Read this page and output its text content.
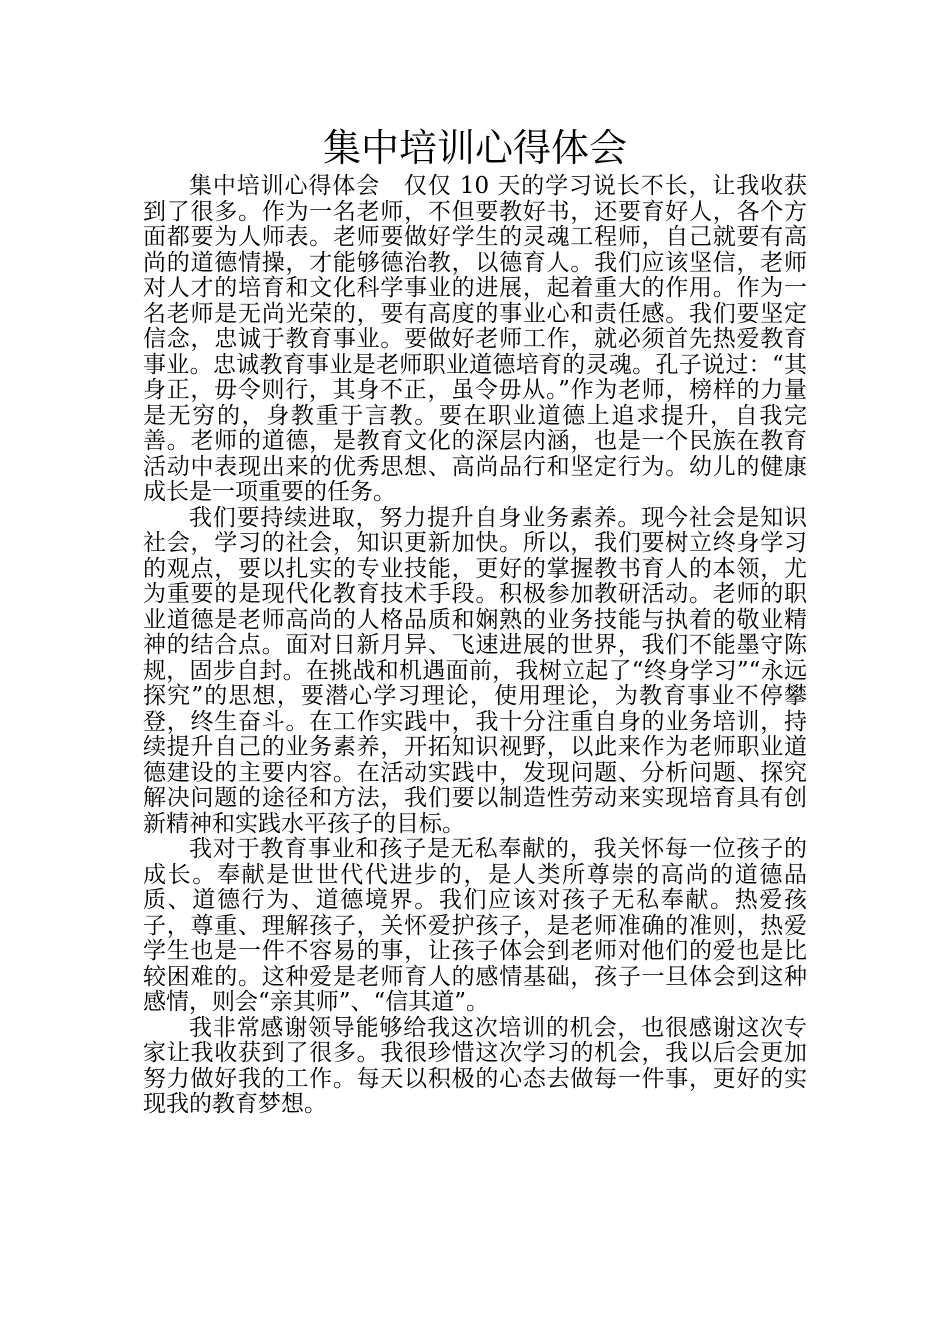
集中培训心得体会

集中培训心得体会　仅仅 10 天的学习说长不长，让我收获到了很多。作为一名老师，不但要教好书，还要育好人，各个方面都要为人师表。老师要做好学生的灵魂工程师，自己就要有高尚的道德情操，才能够德治教，以德育人。我们应该坚信，老师对人才的培育和文化科学事业的进展，起着重大的作用。作为一名老师是无尚光荣的，要有高度的事业心和责任感。我们要坚定信念，忠诚于教育事业。要做好老师工作，就必须首先热爱教育事业。忠诚教育事业是老师职业道德培育的灵魂。孔子说过：“其身正，毋令则行，其身不正，虽令毋从。”作为老师，榜样的力量是无穷的，身教重于言教。要在职业道德上追求提升，自我完善。老师的道德，是教育文化的深层内涵，也是一个民族在教育活动中表现出来的优秀思想、高尚品行和坚定行为。幼儿的健康成长是一项重要的任务。

我们要持续进取，努力提升自身业务素养。现今社会是知识社会，学习的社会，知识更新加快。所以，我们要树立终身学习的观点，要以扎实的专业技能，更好的掌握教书育人的本领，尤为重要的是现代化教育技术手段。积极参加教研活动。老师的职业道德是老师高尚的人格品质和娴熟的业务技能与执着的敬业精神的结合点。面对日新月异、飞速进展的世界，我们不能墨守陈规，固步自封。在挑战和机遇面前，我树立起了“终身学习”“永远探究”的思想，要潜心学习理论，使用理论，为教育事业不停攀登，终生奋斗。在工作实践中，我十分注重自身的业务培训，持续提升自己的业务素养，开拓知识视野，以此来作为老师职业道德建设的主要内容。在活动实践中，发现问题、分析问题、探究解决问题的途径和方法，我们要以制造性劳动来实现培育具有创新精神和实践水平孩子的目标。

我对于教育事业和孩子是无私奉献的，我关怀每一位孩子的成长。奉献是世世代代进步的，是人类所尊崇的高尚的道德品质、道德行为、道德境界。我们应该对孩子无私奉献。热爱孩子，尊重、理解孩子，关怀爱护孩子，是老师准确的准则，热爱学生也是一件不容易的事，让孩子体会到老师对他们的爱也是比较困难的。这种爱是老师育人的感情基础，孩子一旦体会到这种感情，则会“亲其师”、“信其道”。

我非常感谢领导能够给我这次培训的机会，也很感谢这次专家让我收获到了很多。我很珍惜这次学习的机会，我以后会更加努力做好我的工作。每天以积极的心态去做每一件事，更好的实现我的教育梦想。
